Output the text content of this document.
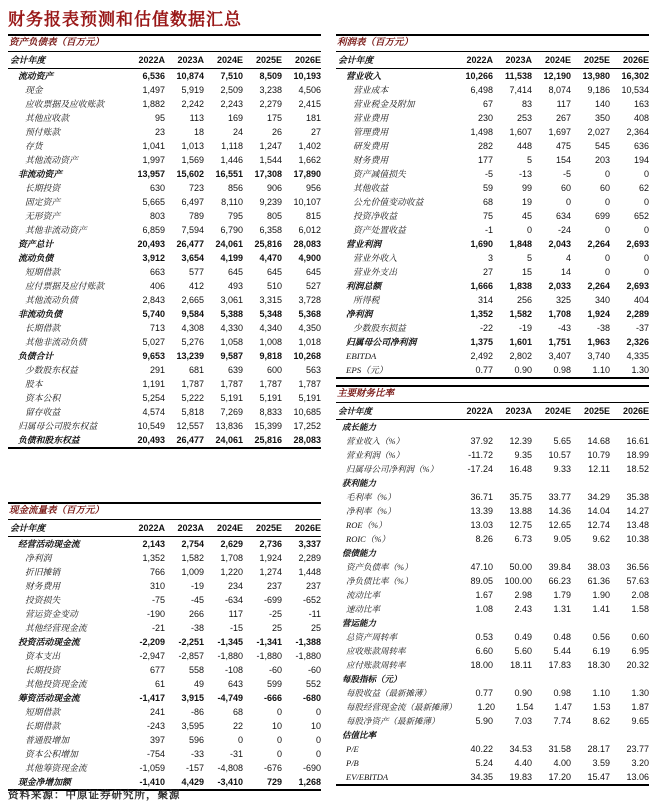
财务报表预测和估值数据汇总
资产负债表（百万元）
会计年度	2022A	2023A	2024E	2025E	2026E
流动资产	6,536	10,874	7,510	8,509	10,193
现金	1,497	5,919	2,509	3,238	4,506
应收票据及应收账款	1,882	2,242	2,243	2,279	2,415
其他应收款	95	113	169	175	181
预付账款	23	18	24	26	27
存货	1,041	1,013	1,118	1,247	1,402
其他流动资产	1,997	1,569	1,446	1,544	1,662
非流动资产	13,957	15,602	16,551	17,308	17,890
长期投资	630	723	856	906	956
固定资产	5,665	6,497	8,110	9,239	10,107
无形资产	803	789	795	805	815
其他非流动资产	6,859	7,594	6,790	6,358	6,012
资产总计	20,493	26,477	24,061	25,816	28,083
流动负债	3,912	3,654	4,199	4,470	4,900
短期借款	663	577	645	645	645
应付票据及应付账款	406	412	493	510	527
其他流动负债	2,843	2,665	3,061	3,315	3,728
非流动负债	5,740	9,584	5,388	5,348	5,368
长期借款	713	4,308	4,330	4,340	4,350
其他非流动负债	5,027	5,276	1,058	1,008	1,018
负债合计	9,653	13,239	9,587	9,818	10,268
少数股东权益	291	681	639	600	563
股本	1,191	1,787	1,787	1,787	1,787
资本公积	5,254	5,222	5,191	5,191	5,191
留存收益	4,574	5,818	7,269	8,833	10,685
归属母公司股东权益	10,549	12,557	13,836	15,399	17,252
负债和股东权益	20,493	26,477	24,061	25,816	28,083
利润表（百万元）
会计年度	2022A	2023A	2024E	2025E	2026E
营业收入	10,266	11,538	12,190	13,980	16,302
营业成本	6,498	7,414	8,074	9,186	10,534
营业税金及附加	67	83	117	140	163
营业费用	230	253	267	350	408
管理费用	1,498	1,607	1,697	2,027	2,364
研发费用	282	448	475	545	636
财务费用	177	5	154	203	194
资产减值损失	-5	-13	-5	0	0
其他收益	59	99	60	60	62
公允价值变动收益	68	19	0	0	0
投资净收益	75	45	634	699	652
资产处置收益	-1	0	-24	0	0
营业利润	1,690	1,848	2,043	2,264	2,693
营业外收入	3	5	4	0	0
营业外支出	27	15	14	0	0
利润总额	1,666	1,838	2,033	2,264	2,693
所得税	314	256	325	340	404
净利润	1,352	1,582	1,708	1,924	2,289
少数股东损益	-22	-19	-43	-38	-37
归属母公司净利润	1,375	1,601	1,751	1,963	2,326
EBITDA	2,492	2,802	3,407	3,740	4,335
EPS（元）	0.77	0.90	0.98	1.10	1.30
现金流量表（百万元）
会计年度	2022A	2023A	2024E	2025E	2026E
经营活动现金流	2,143	2,754	2,629	2,736	3,337
净利润	1,352	1,582	1,708	1,924	2,289
折旧摊销	766	1,009	1,220	1,274	1,448
财务费用	310	-19	234	237	237
投资损失	-75	-45	-634	-699	-652
营运资金变动	-190	266	117	-25	-11
其他经营现金流	-21	-38	-15	25	25
投资活动现金流	-2,209	-2,251	-1,345	-1,341	-1,388
资本支出	-2,947	-2,857	-1,880	-1,880	-1,880
长期投资	677	558	-108	-60	-60
其他投资现金流	61	49	643	599	552
筹资活动现金流	-1,417	3,915	-4,749	-666	-680
短期借款	241	-86	68	0	0
长期借款	-243	3,595	22	10	10
普通股增加	397	596	0	0	0
资本公积增加	-754	-33	-31	0	0
其他筹资现金流	-1,059	-157	-4,808	-676	-690
现金净增加额	-1,410	4,429	-3,410	729	1,268
主要财务比率
会计年度	2022A	2023A	2024E	2025E	2026E
成长能力
营业收入（%）	37.92	12.39	5.65	14.68	16.61
营业利润（%）	-11.72	9.35	10.57	10.79	18.99
归属母公司净利润（%）	-17.24	16.48	9.33	12.11	18.52
获利能力
毛利率（%）	36.71	35.75	33.77	34.29	35.38
净利率（%）	13.39	13.88	14.36	14.04	14.27
ROE（%）	13.03	12.75	12.65	12.74	13.48
ROIC（%）	8.26	6.73	9.05	9.62	10.38
偿债能力
资产负债率（%）	47.10	50.00	39.84	38.03	36.56
净负债比率（%）	89.05	100.00	66.23	61.36	57.63
流动比率	1.67	2.98	1.79	1.90	2.08
速动比率	1.08	2.43	1.31	1.41	1.58
营运能力
总资产周转率	0.53	0.49	0.48	0.56	0.60
应收账款周转率	6.60	5.60	5.44	6.19	6.95
应付账款周转率	18.00	18.11	17.83	18.30	20.32
每股指标（元）
每股收益（最新摊薄）	0.77	0.90	0.98	1.10	1.30
每股经营现金流（最新摊薄）	1.20	1.54	1.47	1.53	1.87
每股净资产（最新摊薄）	5.90	7.03	7.74	8.62	9.65
估值比率
P/E	40.22	34.53	31.58	28.17	23.77
P/B	5.24	4.40	4.00	3.59	3.20
EV/EBITDA	34.35	19.83	17.20	15.47	13.06
资料来源：中原证券研究所，聚源
